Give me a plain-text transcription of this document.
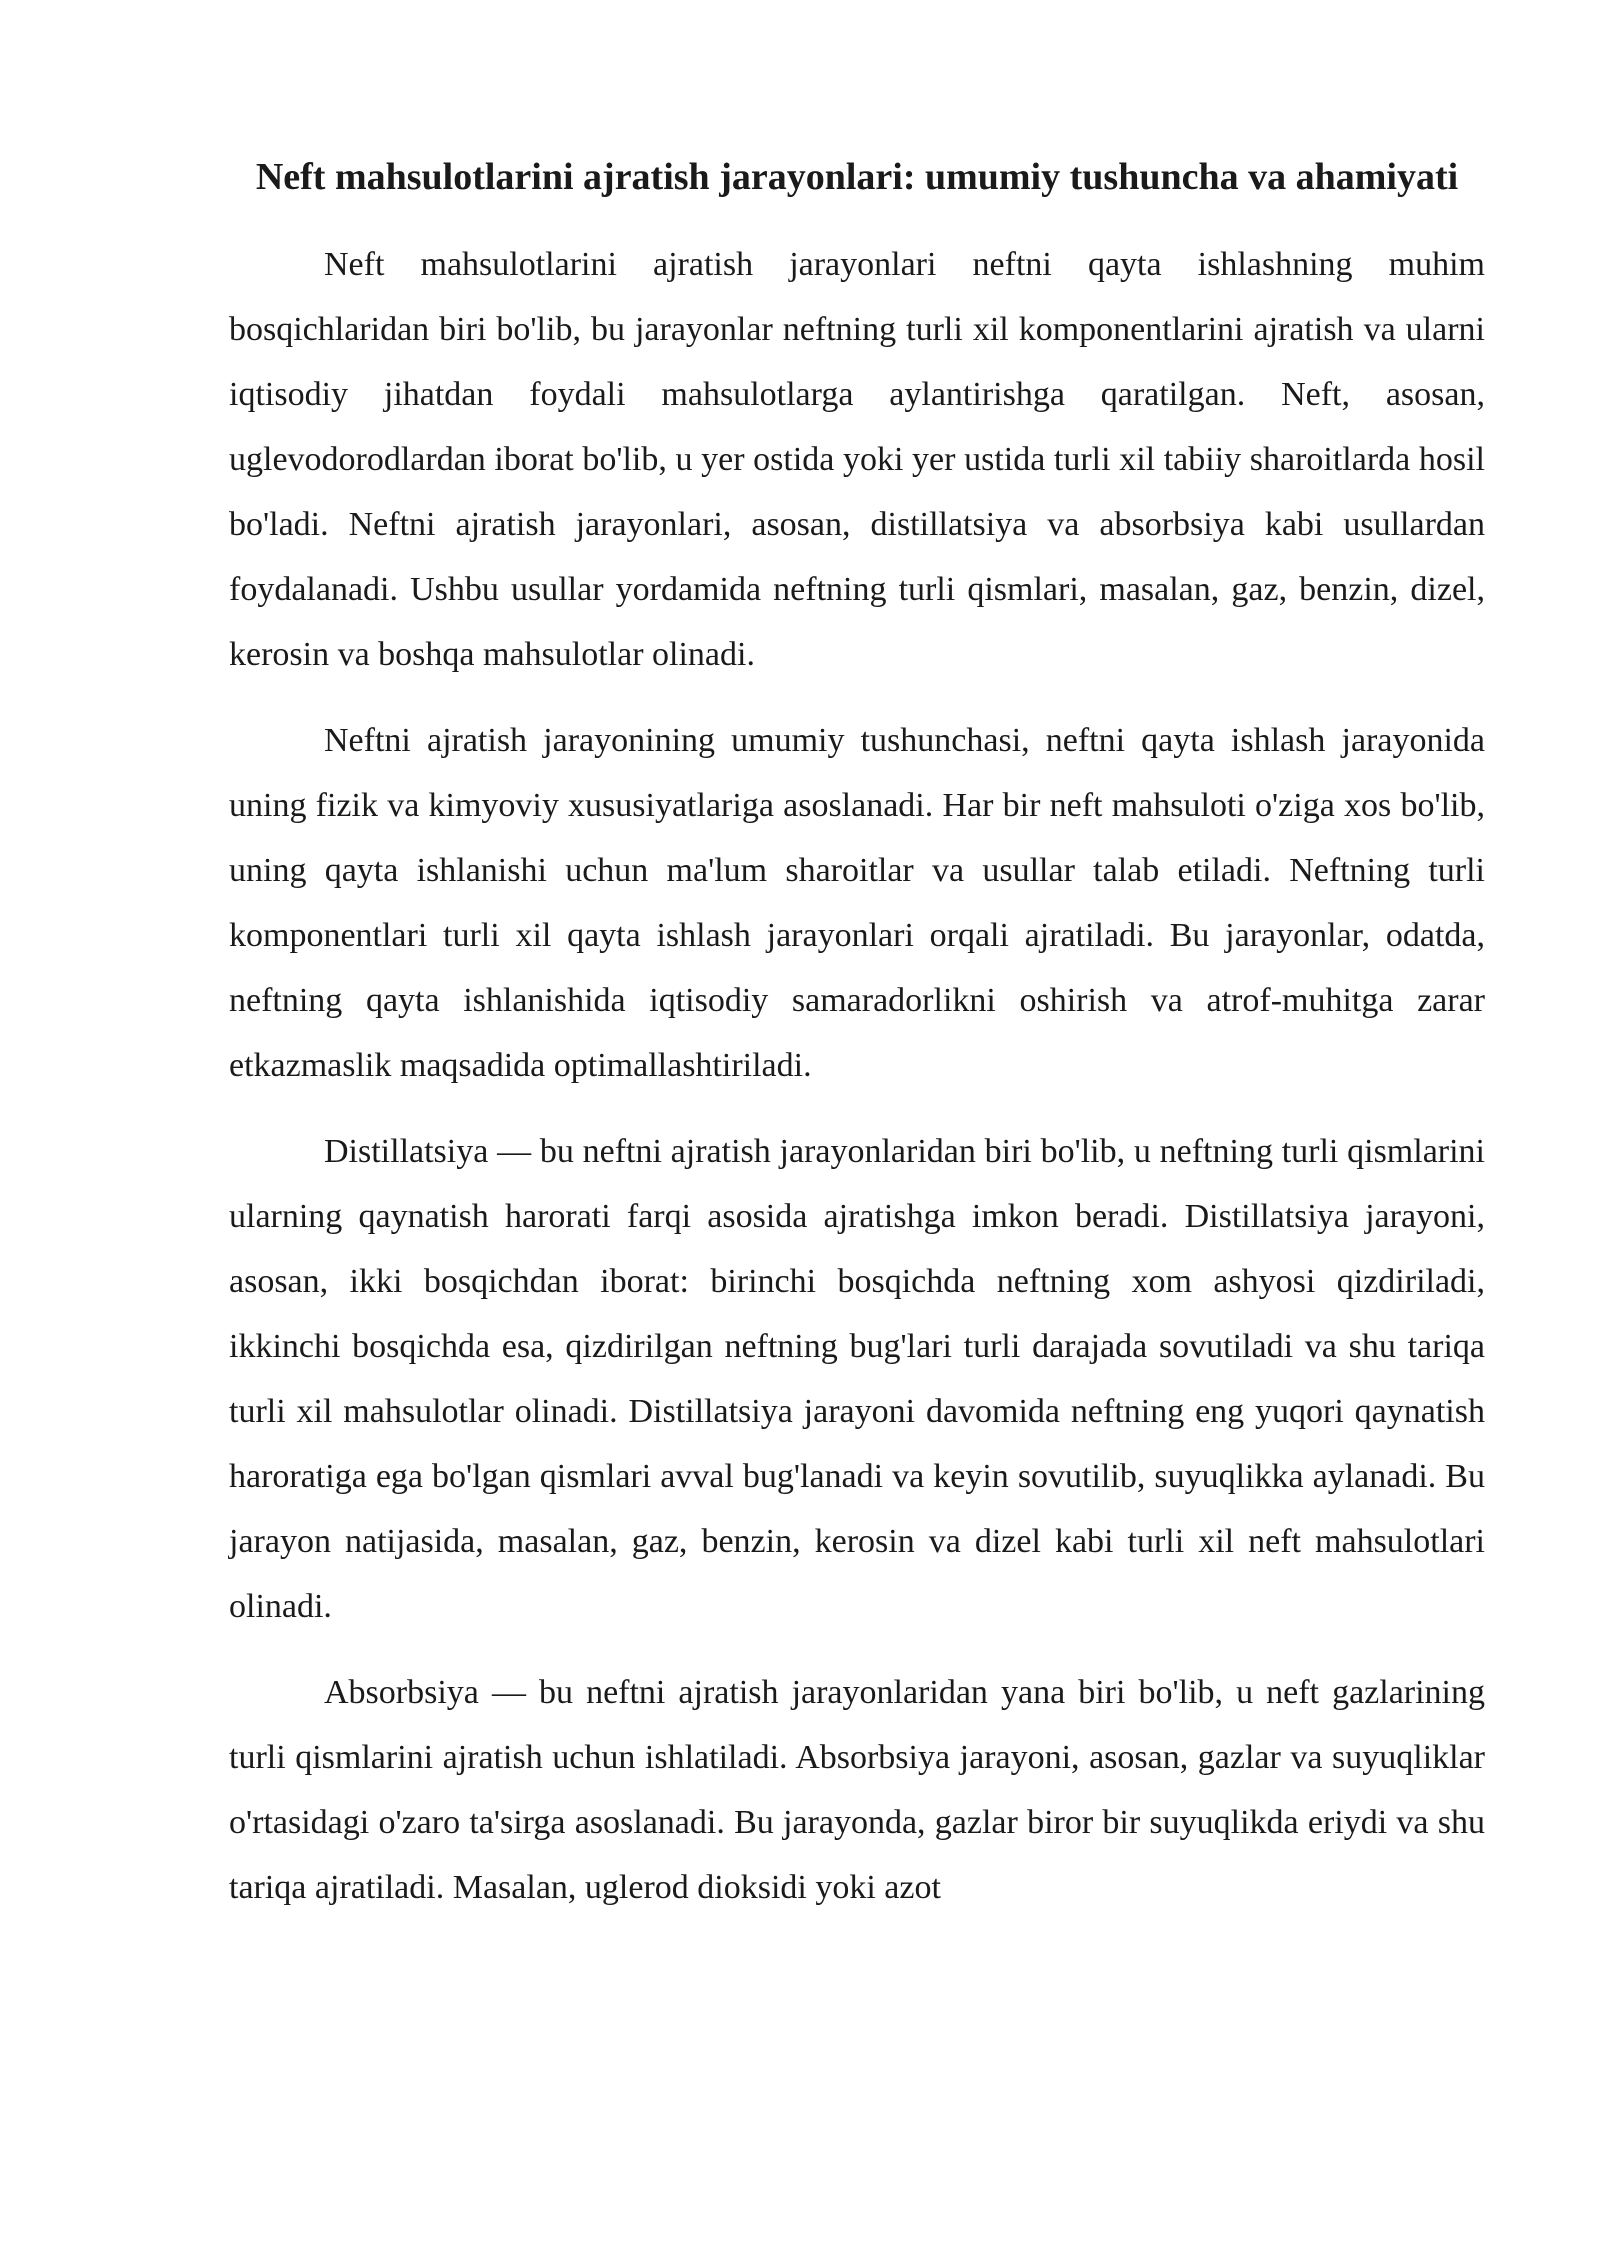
Neft mahsulotlarini ajratish jarayonlari: umumiy tushuncha va ahamiyati

Neft mahsulotlarini ajratish jarayonlari neftni qayta ishlashning muhim bosqichlaridan biri bo'lib, bu jarayonlar neftning turli xil komponentlarini ajratish va ularni iqtisodiy jihatdan foydali mahsulotlarga aylantirishga qaratilgan. Neft, asosan, uglevodorodlardan iborat bo'lib, u yer ostida yoki yer ustida turli xil tabiiy sharoitlarda hosil bo'ladi. Neftni ajratish jarayonlari, asosan, distillatsiya va absorbsiya kabi usullardan foydalanadi. Ushbu usullar yordamida neftning turli qismlari, masalan, gaz, benzin, dizel, kerosin va boshqa mahsulotlar olinadi.

Neftni ajratish jarayonining umumiy tushunchasi, neftni qayta ishlash jarayonida uning fizik va kimyoviy xususiyatlariga asoslanadi. Har bir neft mahsuloti o'ziga xos bo'lib, uning qayta ishlanishi uchun ma'lum sharoitlar va usullar talab etiladi. Neftning turli komponentlari turli xil qayta ishlash jarayonlari orqali ajratiladi. Bu jarayonlar, odatda, neftning qayta ishlanishida iqtisodiy samaradorlikni oshirish va atrof-muhitga zarar etkazmaslik maqsadida optimallashtiriladi.

Distillatsiya — bu neftni ajratish jarayonlaridan biri bo'lib, u neftning turli qismlarini ularning qaynatish harorati farqi asosida ajratishga imkon beradi. Distillatsiya jarayoni, asosan, ikki bosqichdan iborat: birinchi bosqichda neftning xom ashyosi qizdiriladi, ikkinchi bosqichda esa, qizdirilgan neftning bug'lari turli darajada sovutiladi va shu tariqa turli xil mahsulotlar olinadi. Distillatsiya jarayoni davomida neftning eng yuqori qaynatish haroratiga ega bo'lgan qismlari avval bug'lanadi va keyin sovutilib, suyuqlikka aylanadi. Bu jarayon natijasida, masalan, gaz, benzin, kerosin va dizel kabi turli xil neft mahsulotlari olinadi.

Absorbsiya — bu neftni ajratish jarayonlaridan yana biri bo'lib, u neft gazlarining turli qismlarini ajratish uchun ishlatiladi. Absorbsiya jarayoni, asosan, gazlar va suyuqliklar o'rtasidagi o'zaro ta'sirga asoslanadi. Bu jarayonda, gazlar biror bir suyuqlikda eriydi va shu tariqa ajratiladi. Masalan, uglerod dioksidi yoki azot
